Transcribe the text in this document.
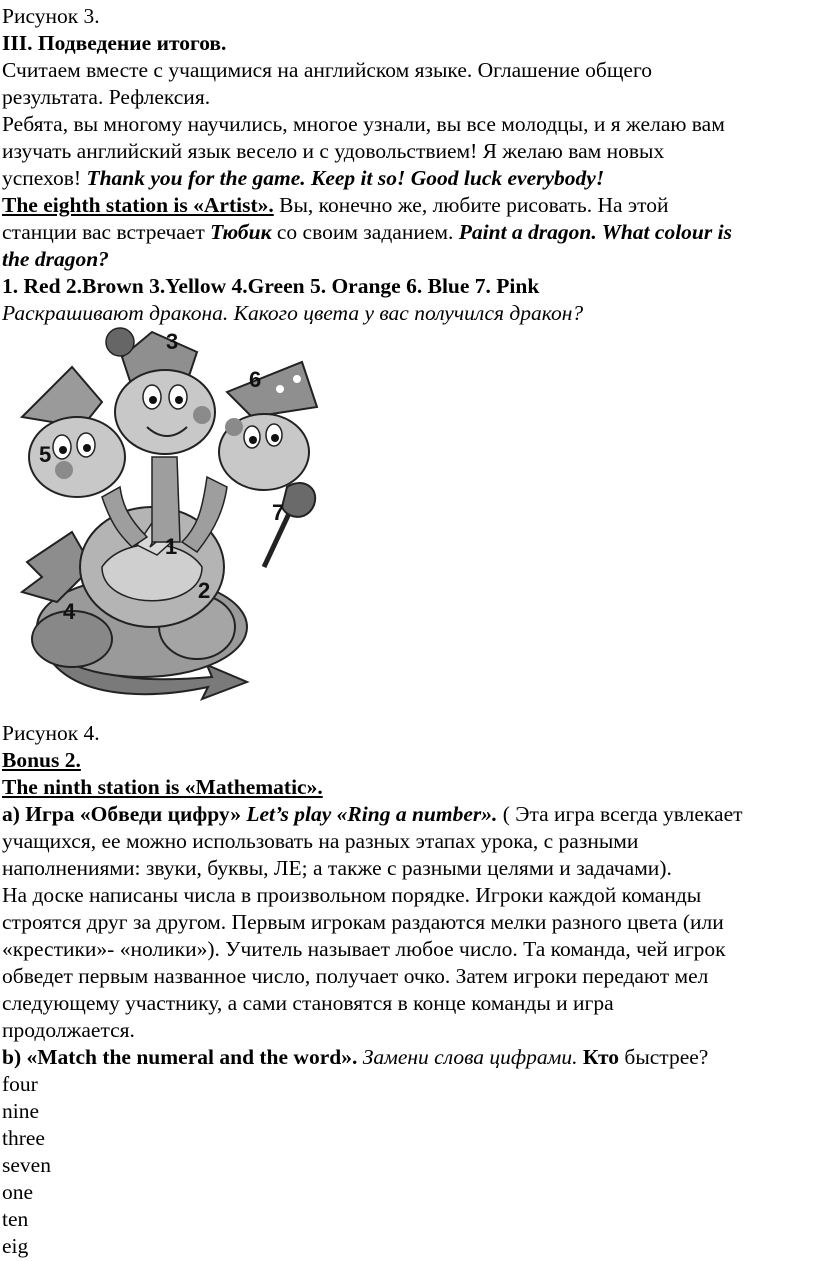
Рисунок 3.

III. Подведение итогов.

Считаем вместе с учащимися на английском языке. Оглашение общего

результата. Рефлексия.

Ребята, вы многому научились, многое узнали, вы все молодцы, и я желаю вам

изучать английский язык весело и с удовольствием! Я желаю вам новых

успехов! Thank you for the game. Keep it so! Good luck everybody!

The eighth station is «Artist». Вы, конечно же, любите рисовать. На этой

станции вас встречает Тюбик со своим заданием. Paint a dragon. What colour is

the dragon?

1. Red 2.Brown 3.Yellow 4.Green 5. Orange 6. Blue 7. Pink

Раскрашивают дракона. Какого цвета у вас получился дракон?

1
2
3
4
5
6
7

Рисунок 4.

Bonus 2.

The ninth station is «Mathematic».

a) Игра «Обведи цифру» Let’s play «Ring a number». ( Эта игра всегда увлекает

учащихся, ее можно использовать на разных этапах урока, с разными

наполнениями: звуки, буквы, ЛЕ; а также с разными целями и задачами).

На доске написаны числа в произвольном порядке. Игроки каждой команды

строятся друг за другом. Первым игрокам раздаются мелки разного цвета (или

«крестики»- «нолики»). Учитель называет любое число. Та команда, чей игрок

обведет первым названное число, получает очко. Затем игроки передают мел

следующему участнику, а сами становятся в конце команды и игра

продолжается.

b) «Match the numeral and the word». Замени слова цифрами. Кто быстрее?

four

nine

three

seven

one

ten

eig
